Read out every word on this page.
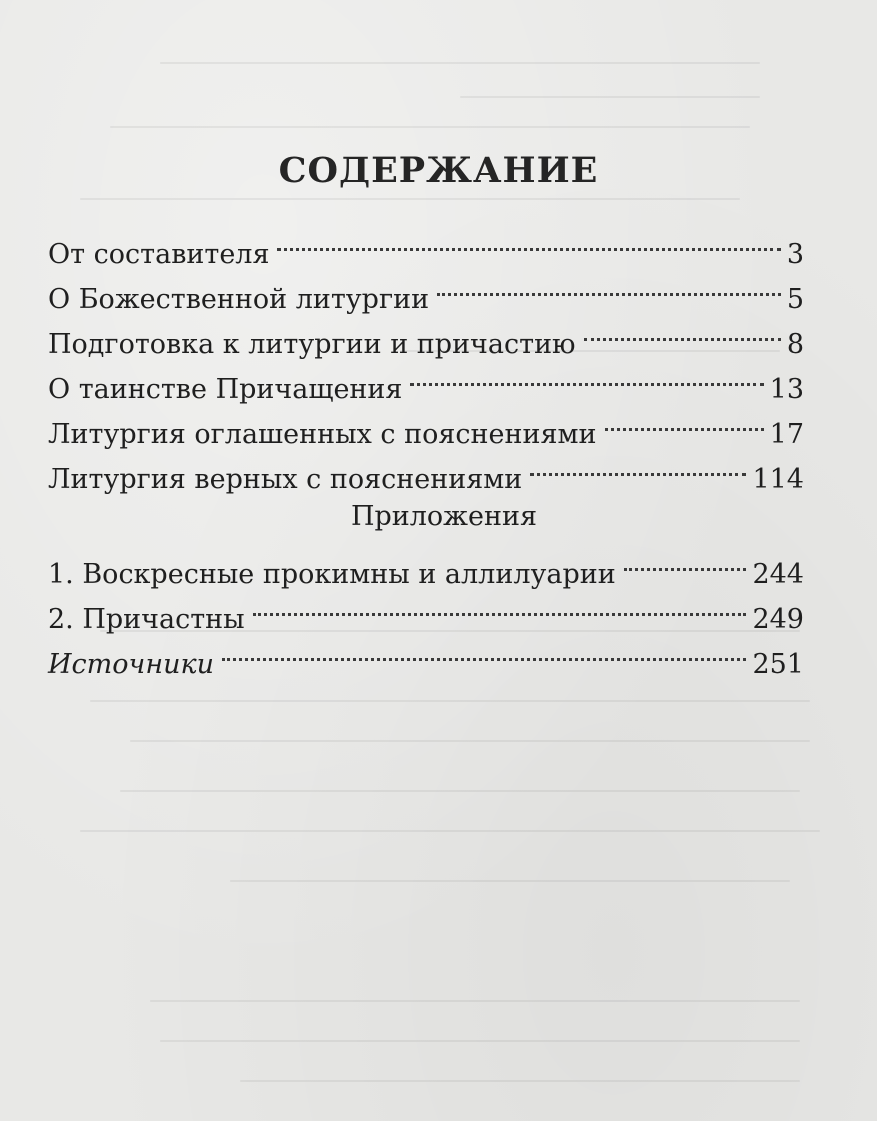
СОДЕРЖАНИЕ
От составителя	3
О Божественной литургии	5
Подготовка к литургии и причастию	8
О таинстве Причащения	13
Литургия оглашенных с пояснениями	17
Литургия верных с пояснениями	114
Приложения
1. Воскресные прокимны и аллилуарии	244
2. Причастны	249
Источники	251
